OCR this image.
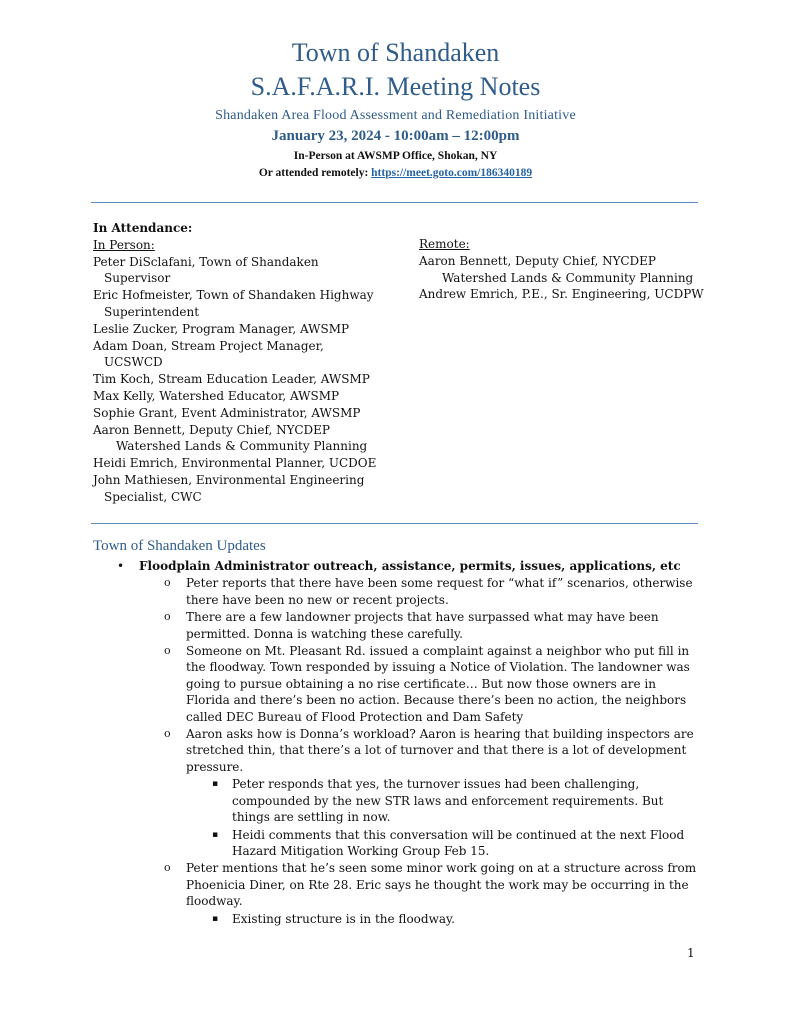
Town of Shandaken
S.A.F.A.R.I. Meeting Notes
Shandaken Area Flood Assessment and Remediation Initiative
January 23, 2024 - 10:00am – 12:00pm
In-Person at AWSMP Office, Shokan, NY
Or attended remotely: https://meet.goto.com/186340189
In Attendance:
In Person:
Peter DiSclafani, Town of Shandaken
Supervisor
Eric Hofmeister, Town of Shandaken Highway
Superintendent
Leslie Zucker, Program Manager, AWSMP
Adam Doan, Stream Project Manager,
UCSWCD
Tim Koch, Stream Education Leader, AWSMP
Max Kelly, Watershed Educator, AWSMP
Sophie Grant, Event Administrator, AWSMP
Aaron Bennett, Deputy Chief, NYCDEP
Watershed Lands & Community Planning
Heidi Emrich, Environmental Planner, UCDOE
John Mathiesen, Environmental Engineering
Specialist, CWC
Remote:
Aaron Bennett, Deputy Chief, NYCDEP
Watershed Lands & Community Planning
Andrew Emrich, P.E., Sr. Engineering, UCDPW
Town of Shandaken Updates
• Floodplain Administrator outreach, assistance, permits, issues, applications, etc
o Peter reports that there have been some request for “what if” scenarios, otherwise there have been no new or recent projects.
o There are a few landowner projects that have surpassed what may have been permitted. Donna is watching these carefully.
o Someone on Mt. Pleasant Rd. issued a complaint against a neighbor who put fill in the floodway. Town responded by issuing a Notice of Violation. The landowner was going to pursue obtaining a no rise certificate… But now those owners are in Florida and there’s been no action. Because there’s been no action, the neighbors called DEC Bureau of Flood Protection and Dam Safety
o Aaron asks how is Donna’s workload? Aaron is hearing that building inspectors are stretched thin, that there’s a lot of turnover and that there is a lot of development pressure.
▪ Peter responds that yes, the turnover issues had been challenging, compounded by the new STR laws and enforcement requirements. But things are settling in now.
▪ Heidi comments that this conversation will be continued at the next Flood Hazard Mitigation Working Group Feb 15.
o Peter mentions that he’s seen some minor work going on at a structure across from Phoenicia Diner, on Rte 28. Eric says he thought the work may be occurring in the floodway.
▪ Existing structure is in the floodway.
1
